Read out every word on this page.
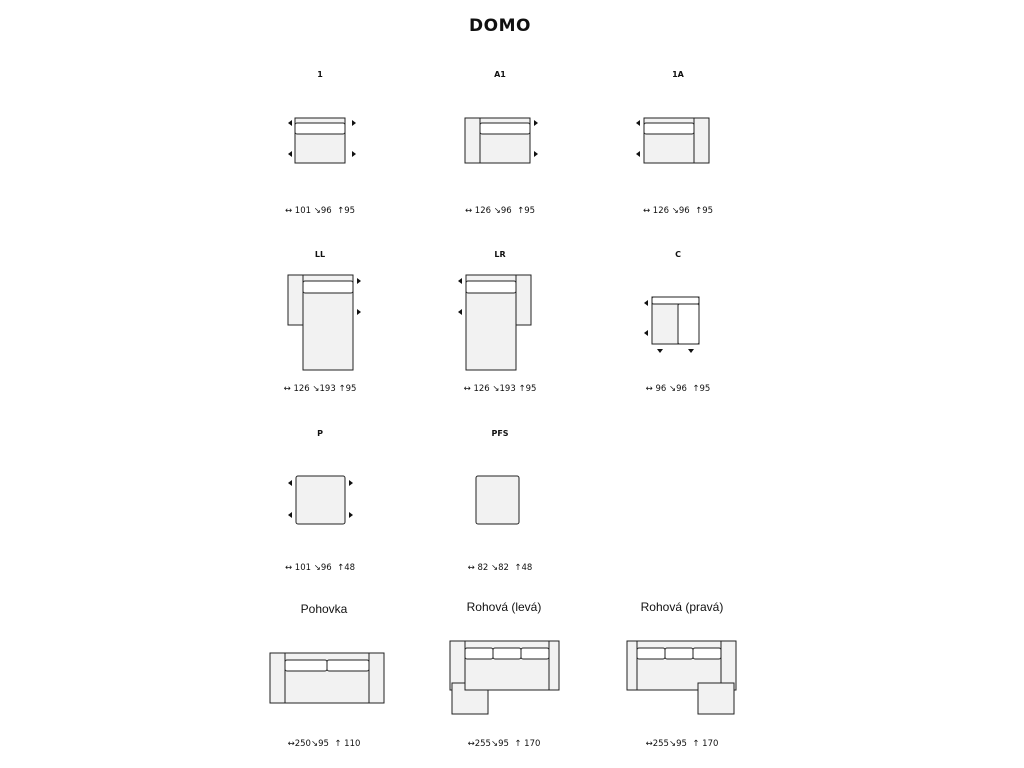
DOMO
1
↔ 101 ↘96 ↑95
A1
↔ 126 ↘96 ↑95
1A
↔ 126 ↘96 ↑95
LL
↔ 126 ↘193 ↑95
LR
↔ 126 ↘193 ↑95
C
↔ 96 ↘96 ↑95
P
↔ 101 ↘96 ↑48
PFS
↔ 82 ↘82 ↑48
Pohovka
↔250↘95 ↑ 110
Rohová (levá)
↔255↘95 ↑ 170
Rohová (pravá)
↔255↘95 ↑ 170
